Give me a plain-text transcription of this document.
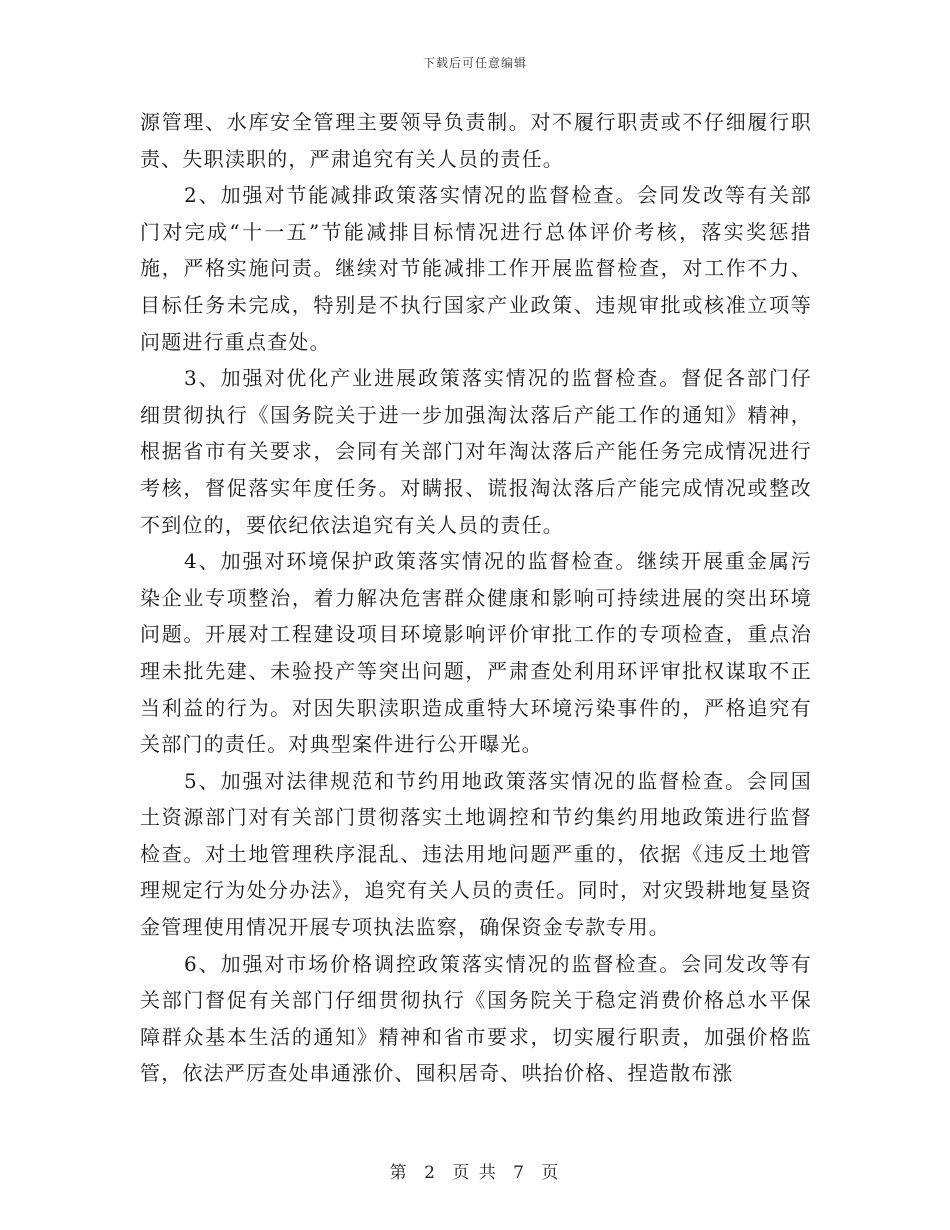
下载后可任意编辑

源管理、水库安全管理主要领导负责制。对不履行职责或不仔细履行职责、失职渎职的，严肃追究有关人员的责任。

2、加强对节能减排政策落实情况的监督检查。会同发改等有关部门对完成“十一五”节能减排目标情况进行总体评价考核，落实奖惩措施，严格实施问责。继续对节能减排工作开展监督检查，对工作不力、目标任务未完成，特别是不执行国家产业政策、违规审批或核准立项等问题进行重点查处。

3、加强对优化产业进展政策落实情况的监督检查。督促各部门仔细贯彻执行《国务院关于进一步加强淘汰落后产能工作的通知》精神，根据省市有关要求，会同有关部门对年淘汰落后产能任务完成情况进行考核，督促落实年度任务。对瞒报、谎报淘汰落后产能完成情况或整改不到位的，要依纪依法追究有关人员的责任。

4、加强对环境保护政策落实情况的监督检查。继续开展重金属污染企业专项整治，着力解决危害群众健康和影响可持续进展的突出环境问题。开展对工程建设项目环境影响评价审批工作的专项检查，重点治理未批先建、未验投产等突出问题，严肃查处利用环评审批权谋取不正当利益的行为。对因失职渎职造成重特大环境污染事件的，严格追究有关部门的责任。对典型案件进行公开曝光。

5、加强对法律规范和节约用地政策落实情况的监督检查。会同国土资源部门对有关部门贯彻落实土地调控和节约集约用地政策进行监督检查。对土地管理秩序混乱、违法用地问题严重的，依据《违反土地管理规定行为处分办法》，追究有关人员的责任。同时，对灾毁耕地复垦资金管理使用情况开展专项执法监察，确保资金专款专用。

6、加强对市场价格调控政策落实情况的监督检查。会同发改等有关部门督促有关部门仔细贯彻执行《国务院关于稳定消费价格总水平保障群众基本生活的通知》精神和省市要求，切实履行职责，加强价格监管，依法严厉查处串通涨价、囤积居奇、哄抬价格、捏造散布涨

第 2 页 共 7 页
